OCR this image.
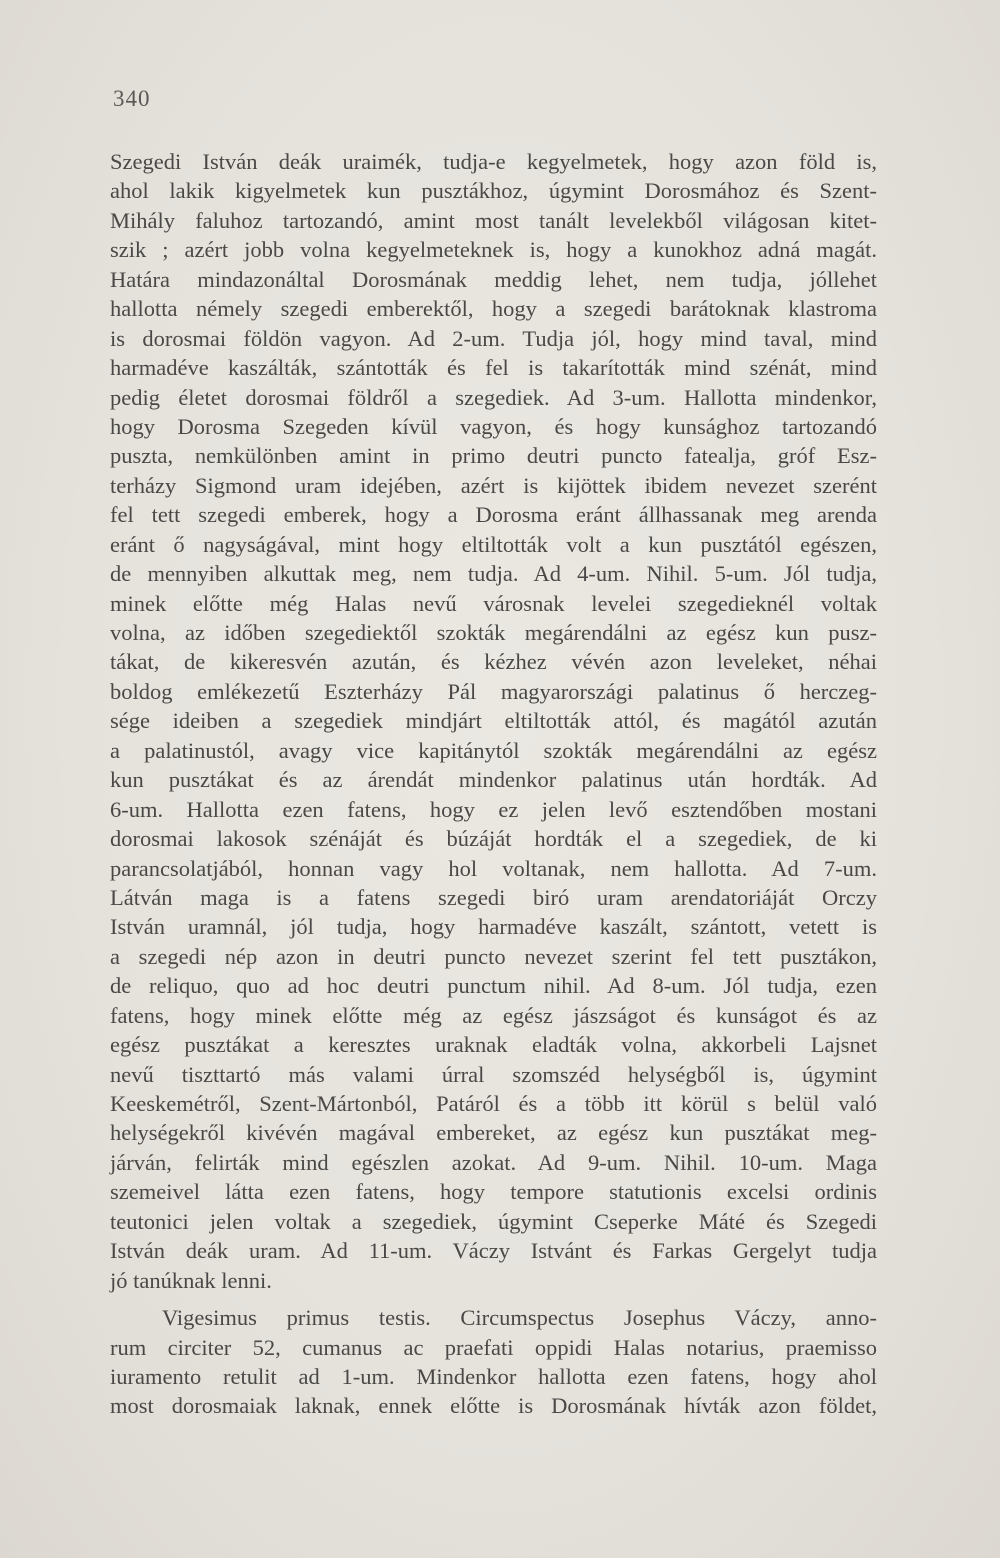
340
Szegedi István deák uraimék, tudja-e kegyelmetek, hogy azon föld is,
ahol lakik kigyelmetek kun pusztákhoz, úgymint Dorosmához és Szent-
Mihály faluhoz tartozandó, amint most tanált levelekből világosan kitet-
szik ; azért jobb volna kegyelmeteknek is, hogy a kunokhoz adná magát.
Határa mindazonáltal Dorosmának meddig lehet, nem tudja, jóllehet
hallotta némely szegedi emberektől, hogy a szegedi barátoknak klastroma
is dorosmai földön vagyon. Ad 2-um. Tudja jól, hogy mind taval, mind
harmadéve kaszálták, szántották és fel is takarították mind szénát, mind
pedig életet dorosmai földről a szegediek. Ad 3-um. Hallotta mindenkor,
hogy Dorosma Szegeden kívül vagyon, és hogy kunsághoz tartozandó
puszta, nemkülönben amint in primo deutri puncto fatealja, gróf Esz-
terházy Sigmond uram idejében, azért is kijöttek ibidem nevezet szerént
fel tett szegedi emberek, hogy a Dorosma eránt állhassanak meg arenda
eránt ő nagyságával, mint hogy eltiltották volt a kun pusztától egészen,
de mennyiben alkuttak meg, nem tudja. Ad 4-um. Nihil. 5-um. Jól tudja,
minek előtte még Halas nevű városnak levelei szegedieknél voltak
volna, az időben szegediektől szokták megárendálni az egész kun pusz-
tákat, de kikeresvén azután, és kézhez vévén azon leveleket, néhai
boldog emlékezetű Eszterházy Pál magyarországi palatinus ő herczeg-
sége ideiben a szegediek mindjárt eltiltották attól, és magától azután
a palatinustól, avagy vice kapitánytól szokták megárendálni az egész
kun pusztákat és az árendát mindenkor palatinus után hordták. Ad
6-um. Hallotta ezen fatens, hogy ez jelen levő esztendőben mostani
dorosmai lakosok szénáját és búzáját hordták el a szegediek, de ki
parancsolatjából, honnan vagy hol voltanak, nem hallotta. Ad 7-um.
Látván maga is a fatens szegedi biró uram arendatoriáját Orczy
István uramnál, jól tudja, hogy harmadéve kaszált, szántott, vetett is
a szegedi nép azon in deutri puncto nevezet szerint fel tett pusztákon,
de reliquo, quo ad hoc deutri punctum nihil. Ad 8-um. Jól tudja, ezen
fatens, hogy minek előtte még az egész jászságot és kunságot és az
egész pusztákat a keresztes uraknak eladták volna, akkorbeli Lajsnet
nevű tiszttartó más valami úrral szomszéd helységből is, úgymint
Keeskemétről, Szent-Mártonból, Patáról és a több itt körül s belül való
helységekről kivévén magával embereket, az egész kun pusztákat meg-
járván, felirták mind egészlen azokat. Ad 9-um. Nihil. 10-um. Maga
szemeivel látta ezen fatens, hogy tempore statutionis excelsi ordinis
teutonici jelen voltak a szegediek, úgymint Cseperke Máté és Szegedi
István deák uram. Ad 11-um. Váczy Istvánt és Farkas Gergelyt tudja
jó tanúknak lenni.
Vigesimus primus testis. Circumspectus Josephus Váczy, anno-
rum circiter 52, cumanus ac praefati oppidi Halas notarius, praemisso
iuramento retulit ad 1-um. Mindenkor hallotta ezen fatens, hogy ahol
most dorosmaiak laknak, ennek előtte is Dorosmának hívták azon földet,
